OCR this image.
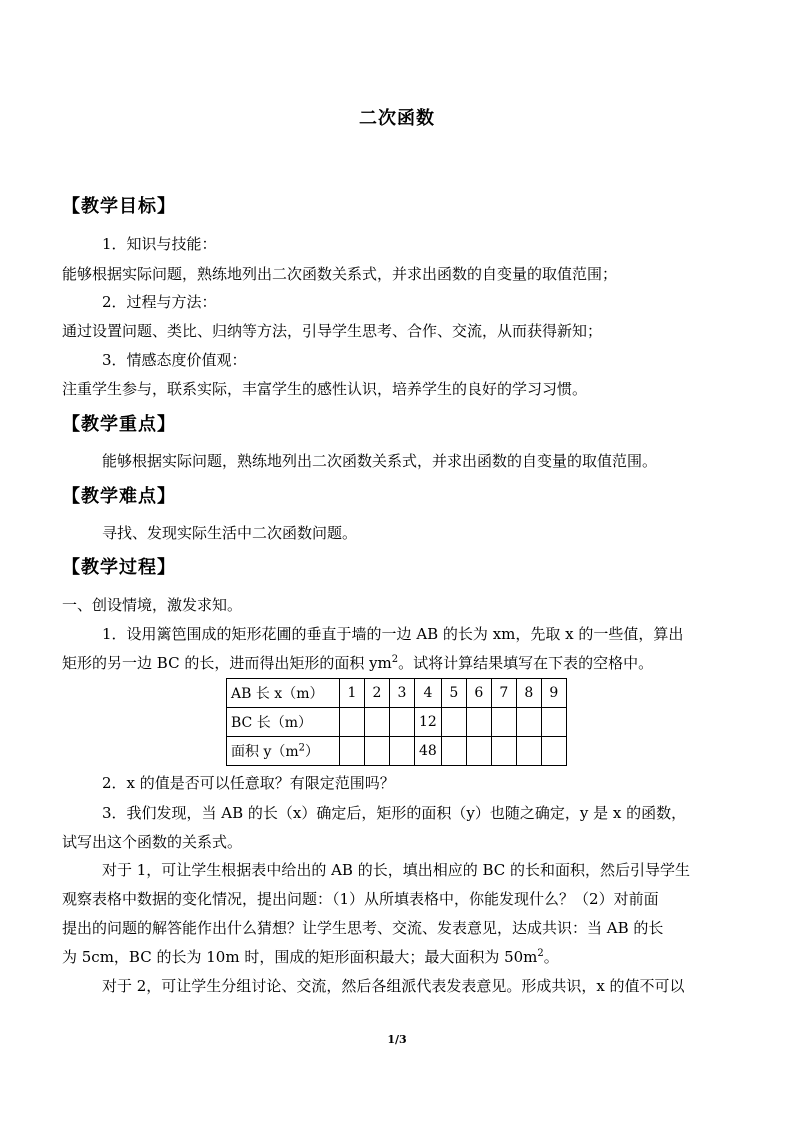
二次函数
【教学目标】
1．知识与技能：
能够根据实际问题，熟练地列出二次函数关系式，并求出函数的自变量的取值范围；
2．过程与方法：
通过设置问题、类比、归纳等方法，引导学生思考、合作、交流，从而获得新知；
3．情感态度价值观：
注重学生参与，联系实际，丰富学生的感性认识，培养学生的良好的学习习惯。
【教学重点】
能够根据实际问题，熟练地列出二次函数关系式，并求出函数的自变量的取值范围。
【教学难点】
寻找、发现实际生活中二次函数问题。
【教学过程】
一、创设情境，激发求知。
1．设用篱笆围成的矩形花圃的垂直于墙的一边 AB 的长为 xm，先取 x 的一些值，算出
矩形的另一边 BC 的长，进而得出矩形的面积 $ym^2$。试将计算结果填写在下表的空格中。
AB 长 x（m）	1	2	3	4	5	6	7	8	9
BC 长（m）				12					
面积 $y(m^2)$				48					
2．x 的值是否可以任意取？有限定范围吗？
3．我们发现，当 AB 的长（x）确定后，矩形的面积（y）也随之确定，y 是 x 的函数，
试写出这个函数的关系式。
对于 1，可让学生根据表中给出的 AB 的长，填出相应的 BC 的长和面积，然后引导学生
观察表格中数据的变化情况，提出问题：（1）从所填表格中，你能发现什么？（2）对前面
提出的问题的解答能作出什么猜想？让学生思考、交流、发表意见，达成共识：当 AB 的长
为 5cm，BC 的长为 10m 时，围成的矩形面积最大；最大面积为 $50m^2$。
对于 2，可让学生分组讨论、交流，然后各组派代表发表意见。形成共识，x 的值不可以
1/3
